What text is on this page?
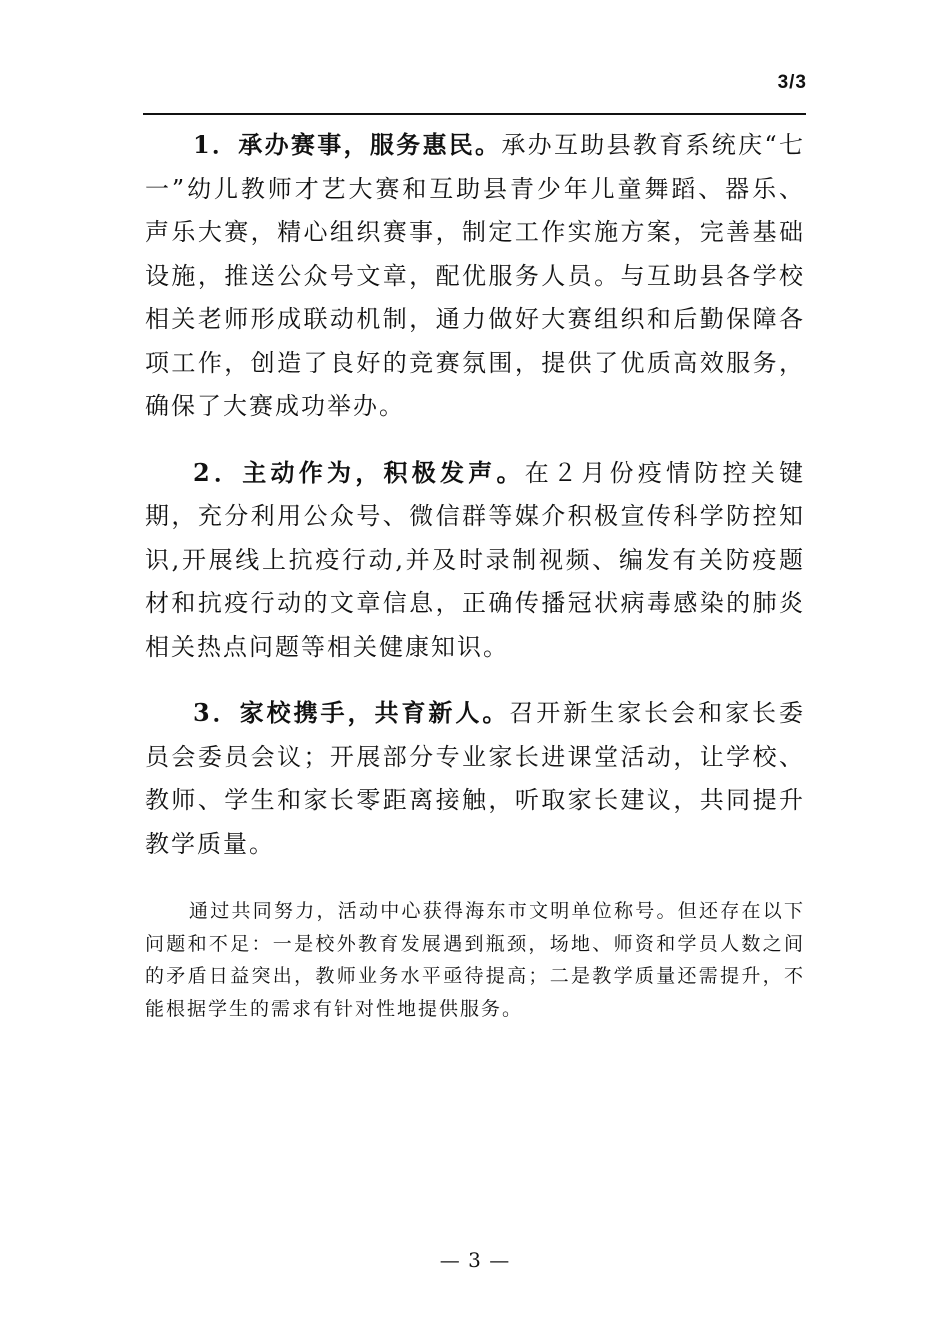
3/3

1．承办赛事，服务惠民。承办互助县教育系统庆“七一”幼儿教师才艺大赛和互助县青少年儿童舞蹈、器乐、声乐大赛，精心组织赛事，制定工作实施方案，完善基础设施，推送公众号文章，配优服务人员。与互助县各学校相关老师形成联动机制，通力做好大赛组织和后勤保障各项工作，创造了良好的竞赛氛围，提供了优质高效服务，确保了大赛成功举办。

2．主动作为，积极发声。在２月份疫情防控关键期，充分利用公众号、微信群等媒介积极宣传科学防控知识,开展线上抗疫行动,并及时录制视频、编发有关防疫题材和抗疫行动的文章信息，正确传播冠状病毒感染的肺炎相关热点问题等相关健康知识。

3．家校携手，共育新人。召开新生家长会和家长委员会委员会议；开展部分专业家长进课堂活动，让学校、教师、学生和家长零距离接触，听取家长建议，共同提升教学质量。

通过共同努力，活动中心获得海东市文明单位称号。但还存在以下问题和不足：一是校外教育发展遇到瓶颈，场地、师资和学员人数之间的矛盾日益突出，教师业务水平亟待提高；二是教学质量还需提升，不能根据学生的需求有针对性地提供服务。

— 3 —
